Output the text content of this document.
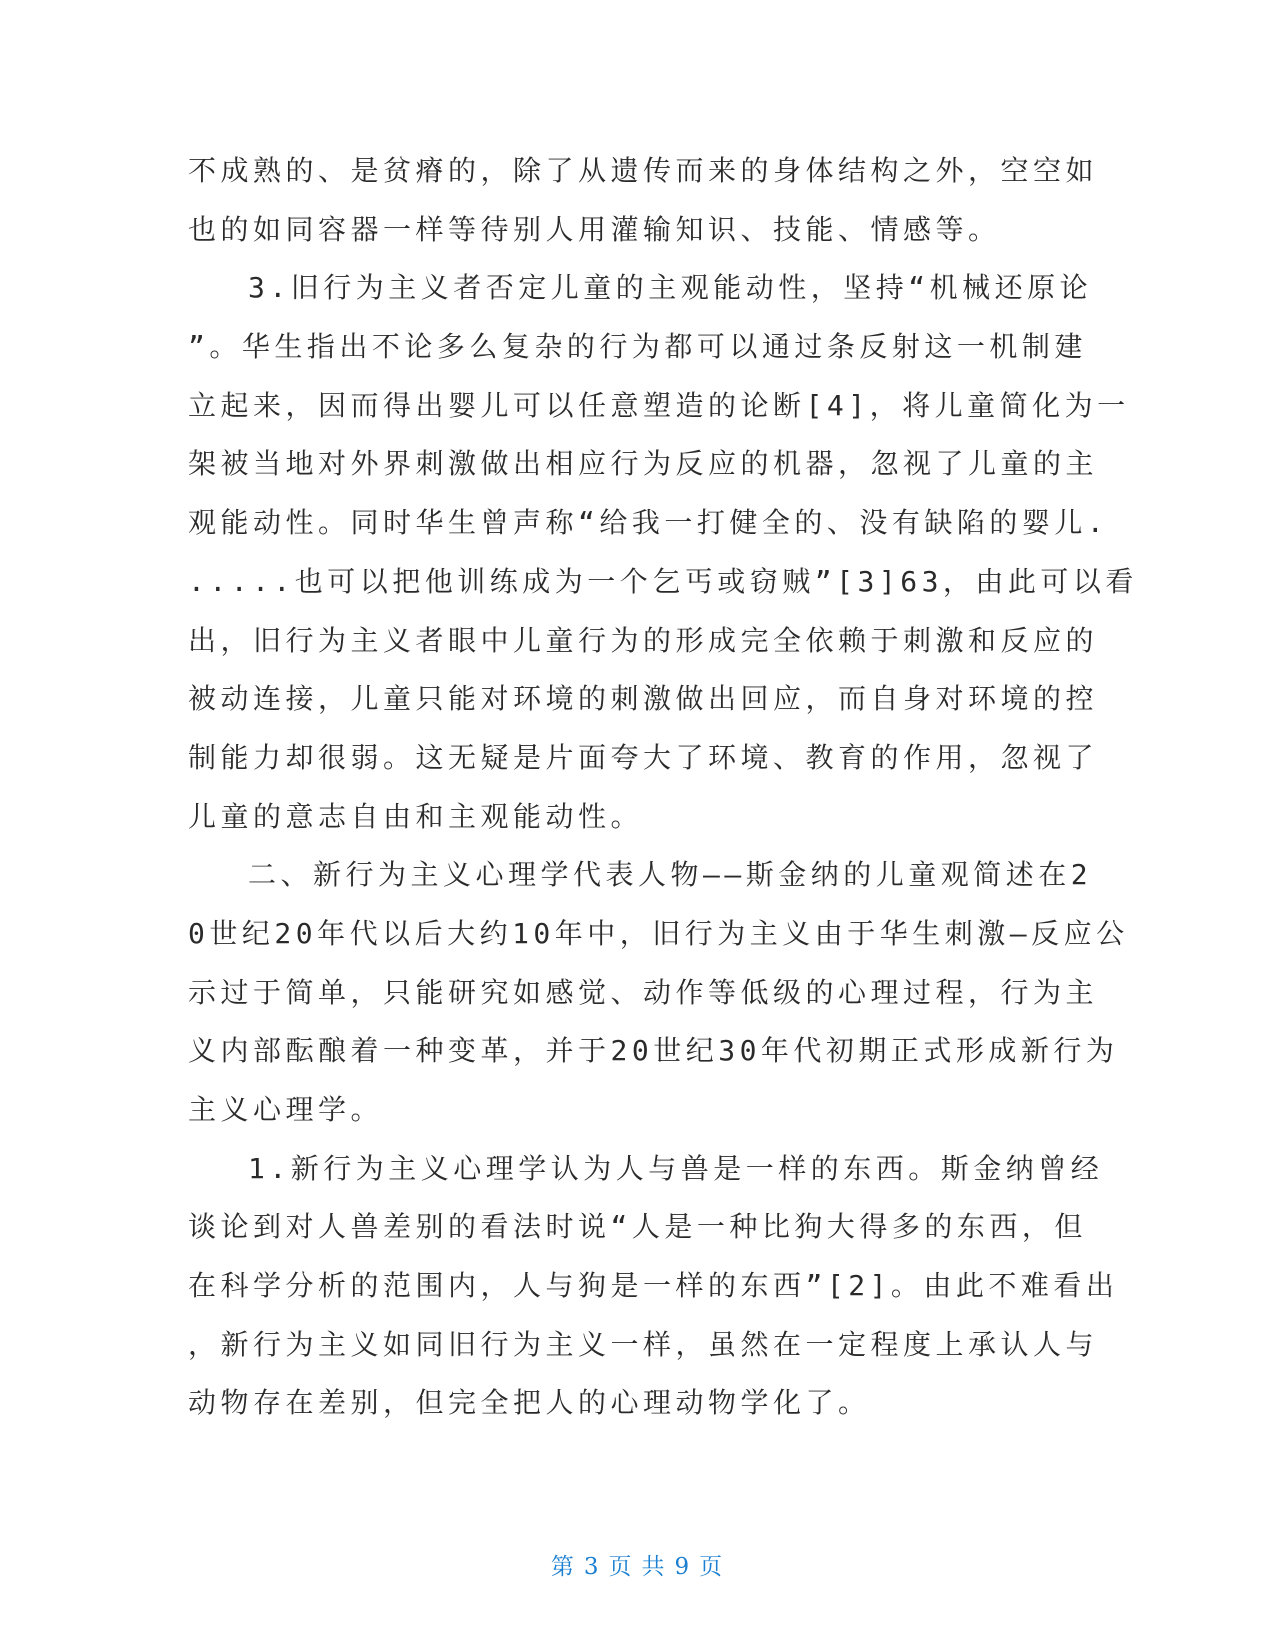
不成熟的、是贫瘠的，除了从遗传而来的身体结构之外，空空如
也的如同容器一样等待别人用灌输知识、技能、情感等。
3.旧行为主义者否定儿童的主观能动性，坚持“机械还原论
”。华生指出不论多么复杂的行为都可以通过条反射这一机制建
立起来，因而得出婴儿可以任意塑造的论断[4]，将儿童简化为一
架被当地对外界刺激做出相应行为反应的机器，忽视了儿童的主
观能动性。同时华生曾声称“给我一打健全的、没有缺陷的婴儿.
.....也可以把他训练成为一个乞丐或窃贼”[3]63，由此可以看
出，旧行为主义者眼中儿童行为的形成完全依赖于刺激和反应的
被动连接，儿童只能对环境的刺激做出回应，而自身对环境的控
制能力却很弱。这无疑是片面夸大了环境、教育的作用，忽视了
儿童的意志自由和主观能动性。
二、新行为主义心理学代表人物——斯金纳的儿童观简述在2
0世纪20年代以后大约10年中，旧行为主义由于华生刺激—反应公
示过于简单，只能研究如感觉、动作等低级的心理过程，行为主
义内部酝酿着一种变革，并于20世纪30年代初期正式形成新行为
主义心理学。
1.新行为主义心理学认为人与兽是一样的东西。斯金纳曾经
谈论到对人兽差别的看法时说“人是一种比狗大得多的东西，但
在科学分析的范围内，人与狗是一样的东西”[2]。由此不难看出
，新行为主义如同旧行为主义一样，虽然在一定程度上承认人与
动物存在差别，但完全把人的心理动物学化了。
第 3 页 共 9 页
